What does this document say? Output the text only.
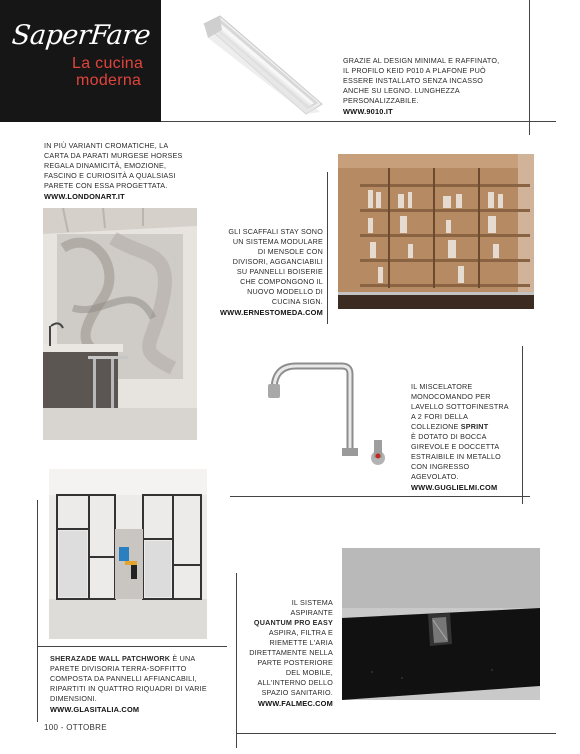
SaperFare
La cucina
moderna
GRAZIE AL DESIGN MINIMAL E RAFFINATO,
IL PROFILO KEID P010 A PLAFONE PUÒ
ESSERE INSTALLATO SENZA INCASSO
ANCHE SU LEGNO. LUNGHEZZA
PERSONALIZZABILE.
WWW.9010.IT
IN PIÙ VARIANTI CROMATICHE, LA
CARTA DA PARATI MURGESE HORSES
REGALA DINAMICITÀ, EMOZIONE,
FASCINO E CURIOSITÀ A QUALSIASI
PARETE CON ESSA PROGETTATA.
WWW.LONDONART.IT
GLI SCAFFALI STAY SONO
UN SISTEMA MODULARE
DI MENSOLE CON
DIVISORI, AGGANCIABILI
SU PANNELLI BOISERIE
CHE COMPONGONO IL
NUOVO MODELLO DI
CUCINA SIGN.
WWW.ERNESTOMEDA.COM
IL MISCELATORE
MONOCOMANDO PER
LAVELLO SOTTOFINESTRA
A 2 FORI DELLA
COLLEZIONE SPRINT
È DOTATO DI BOCCA
GIREVOLE E DOCCETTA
ESTRAIBILE IN METALLO
CON INGRESSO
AGEVOLATO.
WWW.GUGLIELMI.COM
SHERAZADE WALL PATCHWORK È UNA
PARETE DIVISORIA TERRA-SOFFITTO
COMPOSTA DA PANNELLI AFFIANCABILI,
RIPARTITI IN QUATTRO RIQUADRI DI VARIE
DIMENSIONI.
WWW.GLASITALIA.COM
IL SISTEMA
ASPIRANTE
QUANTUM PRO EASY
ASPIRA, FILTRA E
RIEMETTE L'ARIA
DIRETTAMENTE NELLA
PARTE POSTERIORE
DEL MOBILE,
ALL'INTERNO DELLO
SPAZIO SANITARIO.
WWW.FALMEC.COM
100 - OTTOBRE
